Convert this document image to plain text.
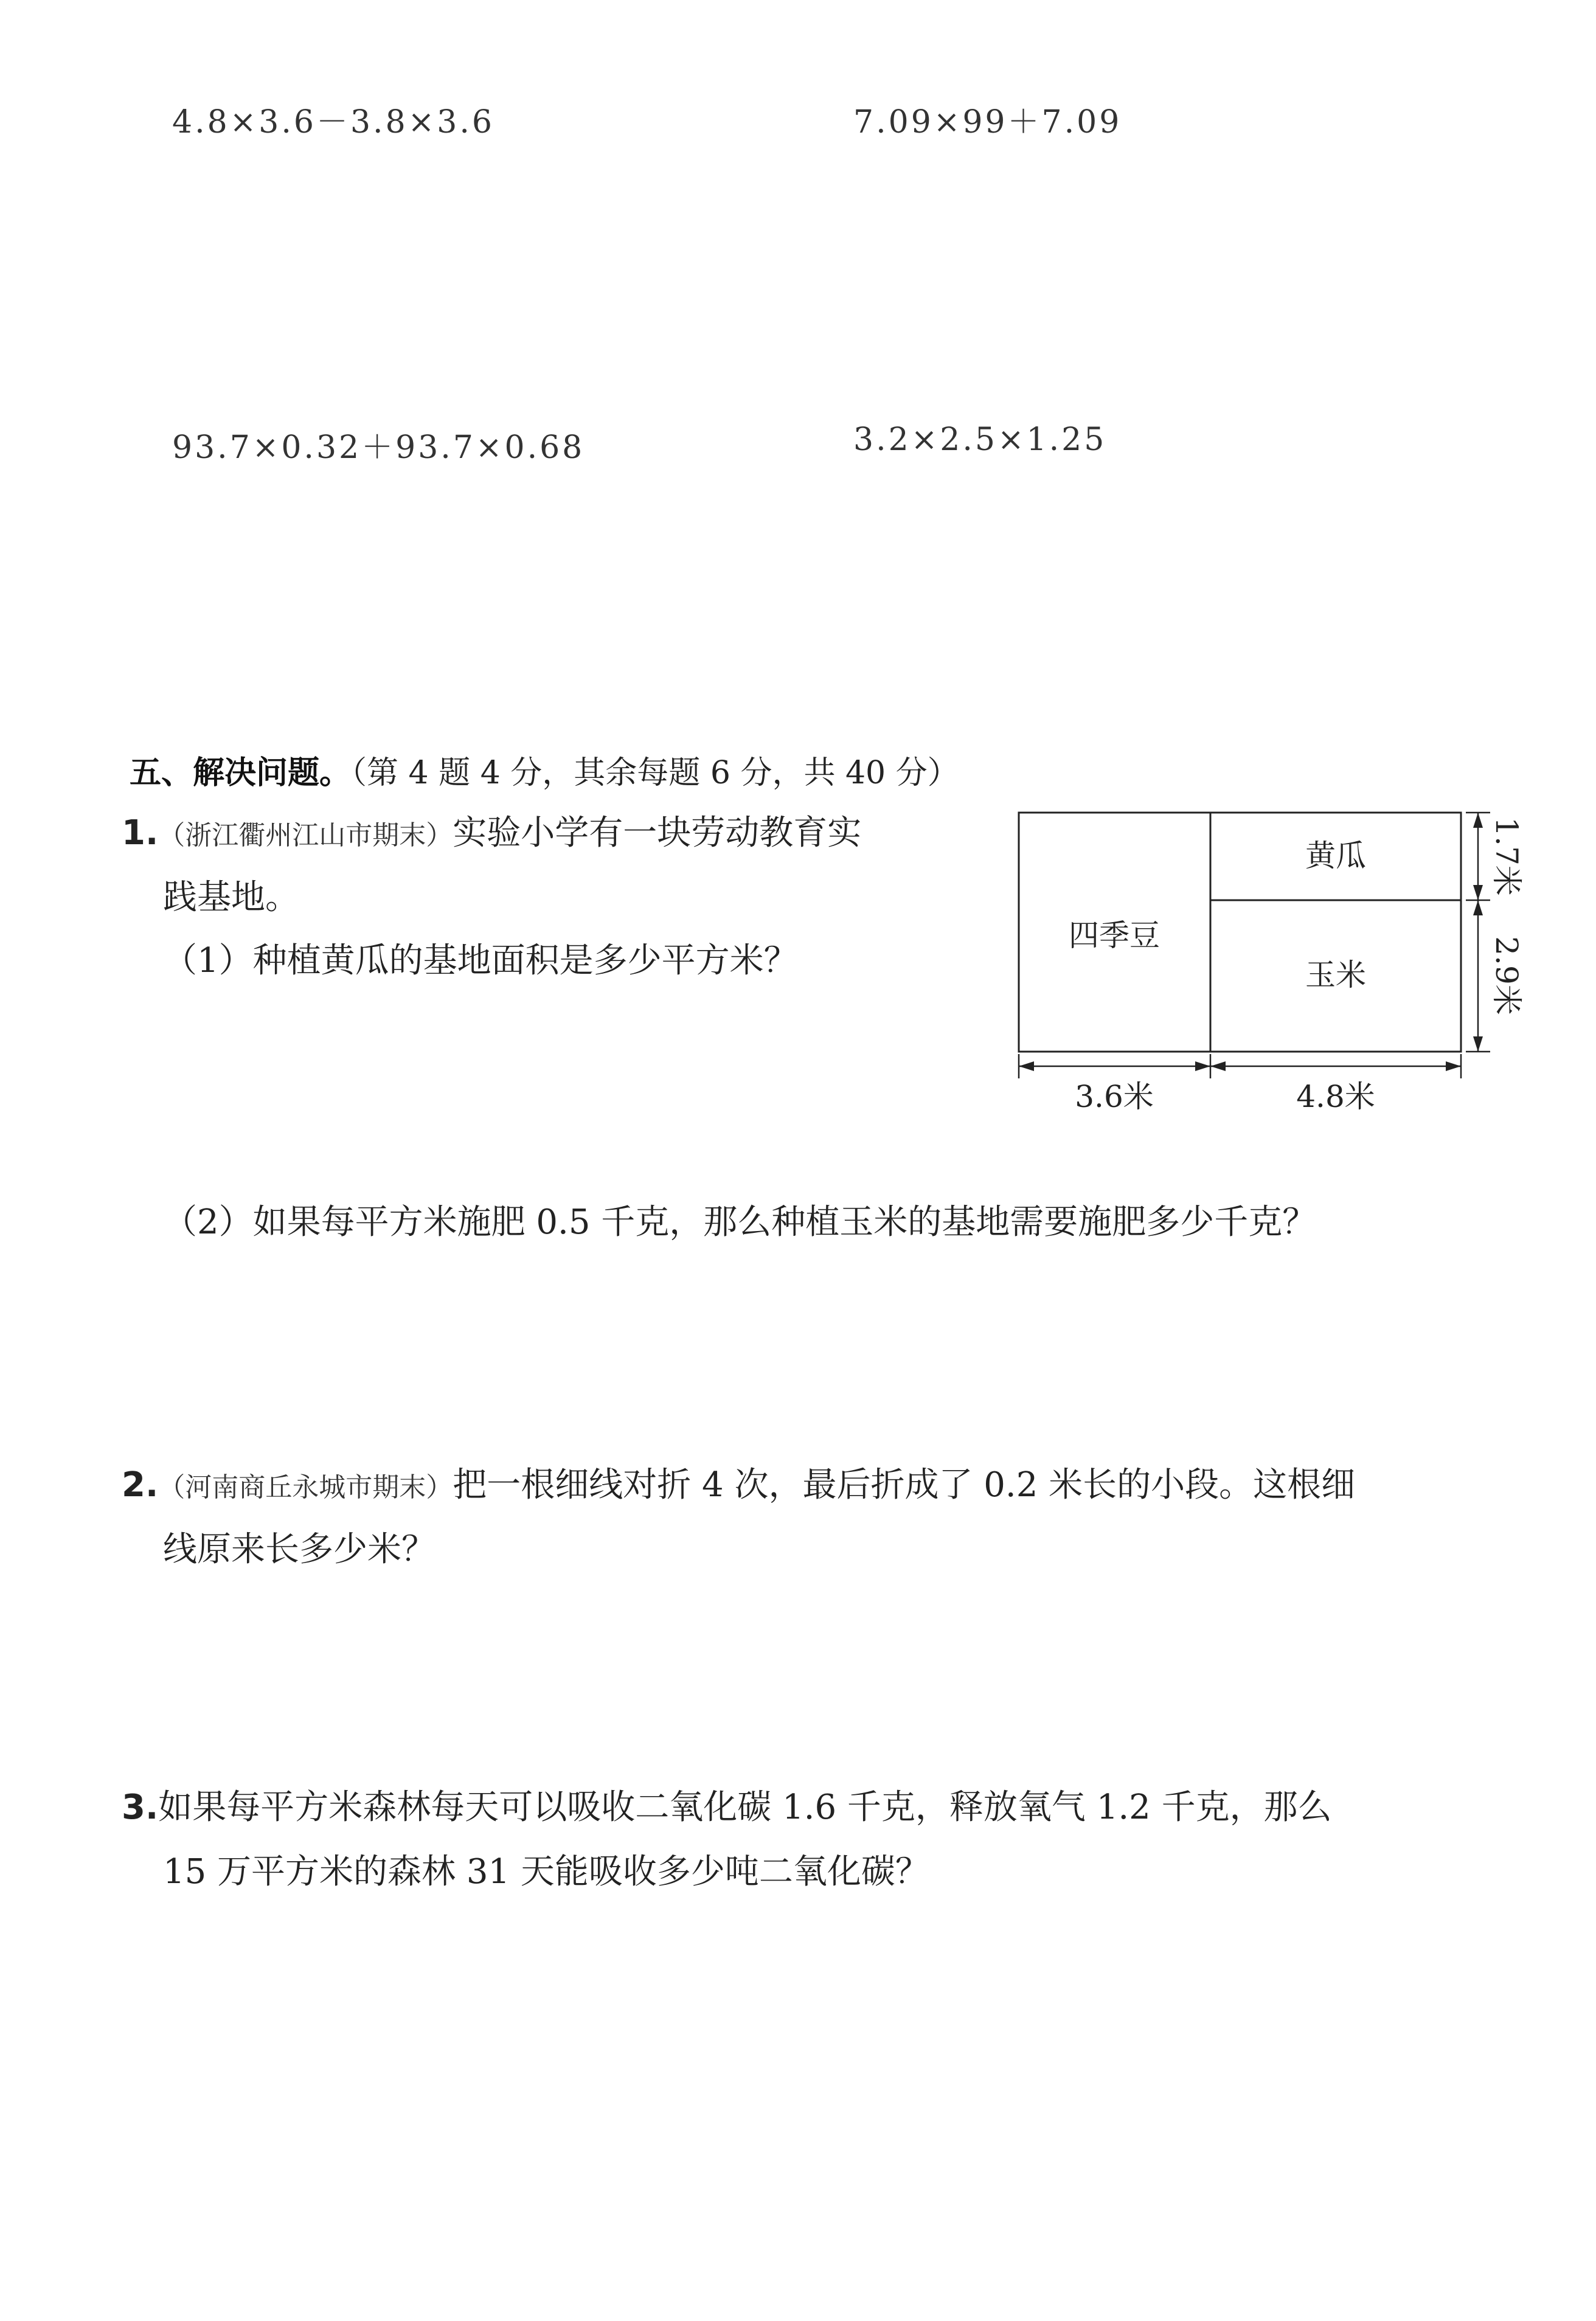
4.8×3.6－3.8×3.6	7.09×99＋7.09
93.7×0.32＋93.7×0.68	3.2×2.5×1.25
五、解决问题。（第 4 题 4 分，其余每题 6 分，共 40 分）
1.（浙江衢州江山市期末）实验小学有一块劳动教育实
践基地。
（1）种植黄瓜的基地面积是多少平方米？
四季豆
黄瓜
玉米
3.6米	4.8米
1.7米
2.9米
（2）如果每平方米施肥 0.5 千克，那么种植玉米的基地需要施肥多少千克？
2.（河南商丘永城市期末）把一根细线对折 4 次，最后折成了 0.2 米长的小段。这根细
线原来长多少米？
3.如果每平方米森林每天可以吸收二氧化碳 1.6 千克，释放氧气 1.2 千克，那么
15 万平方米的森林 31 天能吸收多少吨二氧化碳？
